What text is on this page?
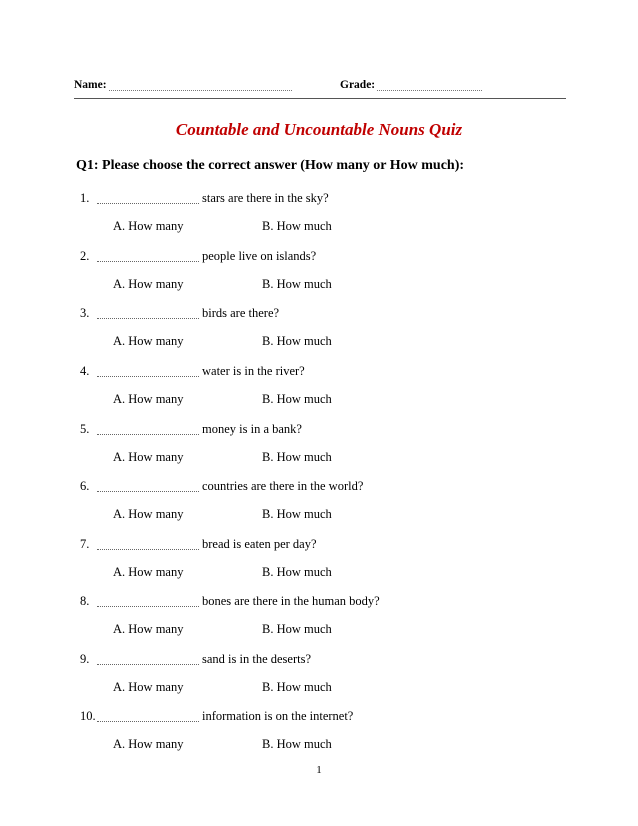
Name:	Grade:
Countable and Uncountable Nouns Quiz
Q1: Please choose the correct answer (How many or How much):
1.	stars are there in the sky?
A. How many	B. How much
2.	people live on islands?
A. How many	B. How much
3.	birds are there?
A. How many	B. How much
4.	water is in the river?
A. How many	B. How much
5.	money is in a bank?
A. How many	B. How much
6.	countries are there in the world?
A. How many	B. How much
7.	bread is eaten per day?
A. How many	B. How much
8.	bones are there in the human body?
A. How many	B. How much
9.	sand is in the deserts?
A. How many	B. How much
10.	information is on the internet?
A. How many	B. How much
1
